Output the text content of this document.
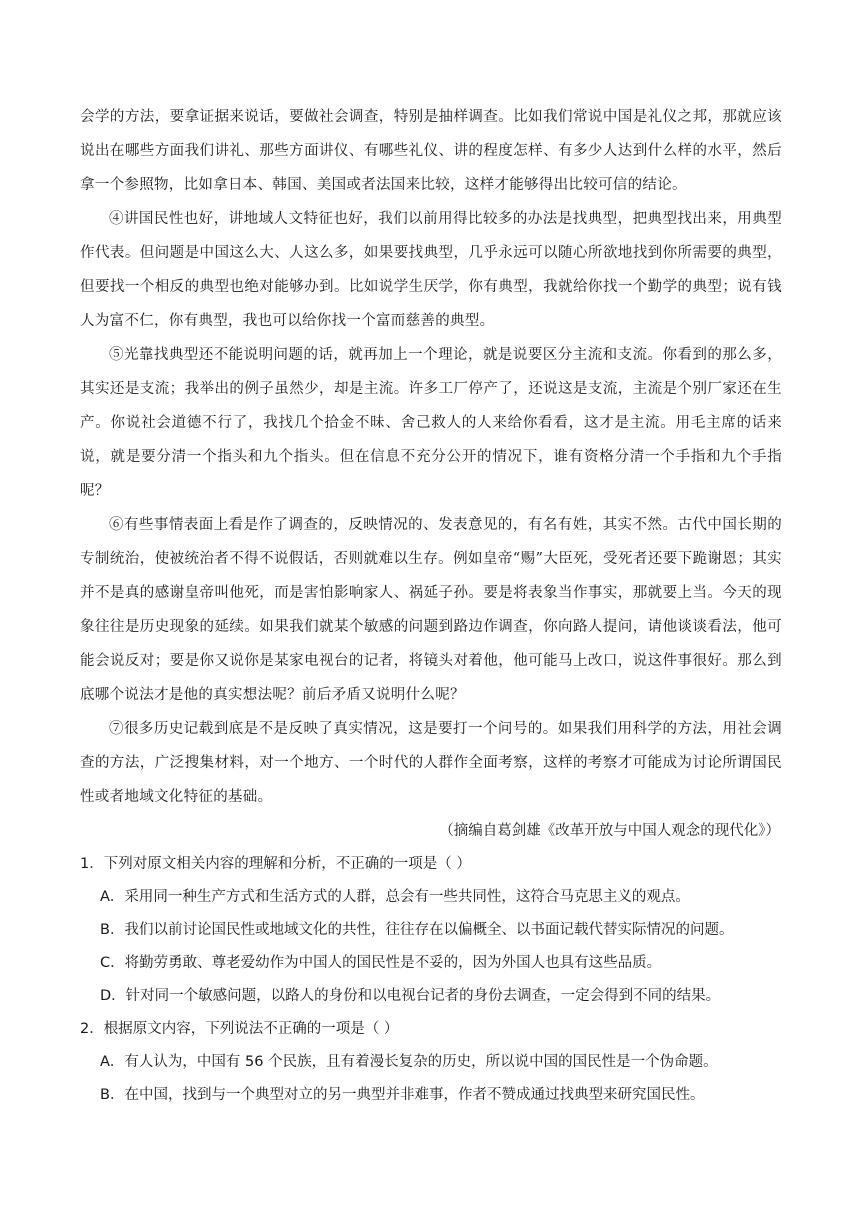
会学的方法，要拿证据来说话，要做社会调查，特别是抽样调查。比如我们常说中国是礼仪之邦，那就应该说出在哪些方面我们讲礼、那些方面讲仪、有哪些礼仪、讲的程度怎样、有多少人达到什么样的水平，然后拿一个参照物，比如拿日本、韩国、美国或者法国来比较，这样才能够得出比较可信的结论。

④讲国民性也好，讲地域人文特征也好，我们以前用得比较多的办法是找典型，把典型找出来，用典型作代表。但问题是中国这么大、人这么多，如果要找典型，几乎永远可以随心所欲地找到你所需要的典型，但要找一个相反的典型也绝对能够办到。比如说学生厌学，你有典型，我就给你找一个勤学的典型；说有钱人为富不仁，你有典型，我也可以给你找一个富而慈善的典型。

⑤光靠找典型还不能说明问题的话，就再加上一个理论，就是说要区分主流和支流。你看到的那么多，其实还是支流；我举出的例子虽然少，却是主流。许多工厂停产了，还说这是支流，主流是个别厂家还在生产。你说社会道德不行了，我找几个拾金不昧、舍己救人的人来给你看看，这才是主流。用毛主席的话来说，就是要分清一个指头和九个指头。但在信息不充分公开的情况下，谁有资格分清一个手指和九个手指呢？

⑥有些事情表面上看是作了调查的，反映情况的、发表意见的，有名有姓，其实不然。古代中国长期的专制统治，使被统治者不得不说假话，否则就难以生存。例如皇帝“赐”大臣死，受死者还要下跪谢恩；其实并不是真的感谢皇帝叫他死，而是害怕影响家人、祸延子孙。要是将表象当作事实，那就要上当。今天的现象往往是历史现象的延续。如果我们就某个敏感的问题到路边作调查，你向路人提问，请他谈谈看法，他可能会说反对；要是你又说你是某家电视台的记者，将镜头对着他，他可能马上改口，说这件事很好。那么到底哪个说法才是他的真实想法呢？前后矛盾又说明什么呢？

⑦很多历史记载到底是不是反映了真实情况，这是要打一个问号的。如果我们用科学的方法，用社会调查的方法，广泛搜集材料，对一个地方、一个时代的人群作全面考察，这样的考察才可能成为讨论所谓国民性或者地域文化特征的基础。

（摘编自葛剑雄《改革开放与中国人观念的现代化》）

1．下列对原文相关内容的理解和分析，不正确的一项是（ ）

A．采用同一种生产方式和生活方式的人群，总会有一些共同性，这符合马克思主义的观点。

B．我们以前讨论国民性或地域文化的共性，往往存在以偏概全、以书面记载代替实际情况的问题。

C．将勤劳勇敢、尊老爱幼作为中国人的国民性是不妥的，因为外国人也具有这些品质。

D．针对同一个敏感问题，以路人的身份和以电视台记者的身份去调查，一定会得到不同的结果。

2．根据原文内容，下列说法不正确的一项是（ ）

A．有人认为，中国有 56 个民族，且有着漫长复杂的历史，所以说中国的国民性是一个伪命题。

B．在中国，找到与一个典型对立的另一典型并非难事，作者不赞成通过找典型来研究国民性。
